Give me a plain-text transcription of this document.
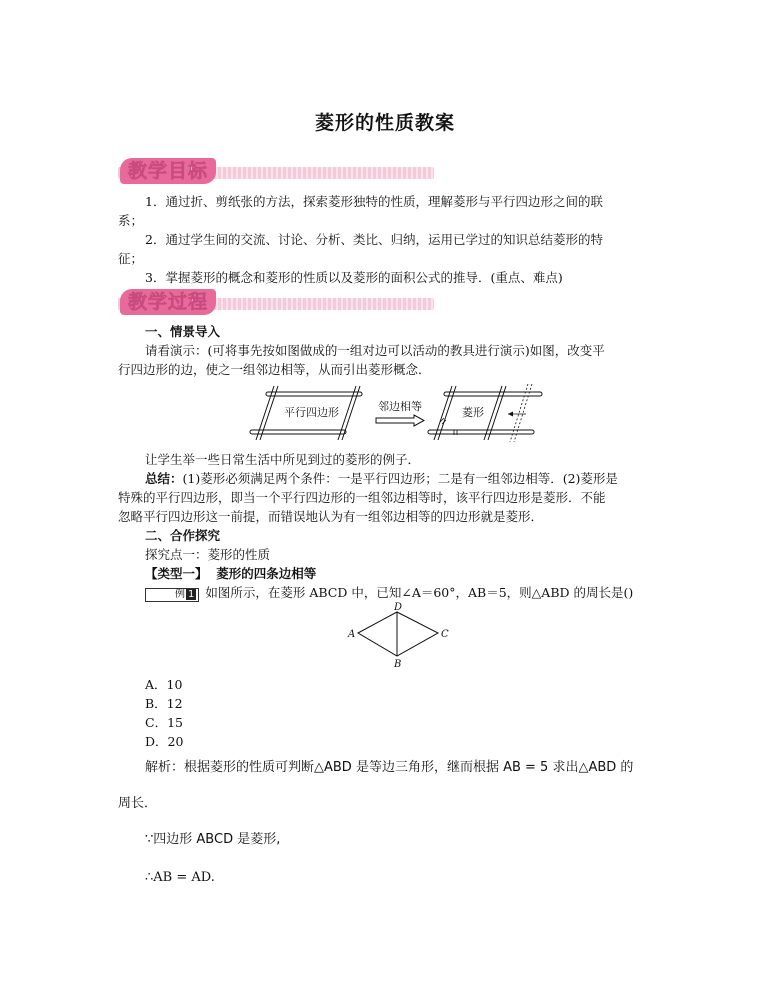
菱形的性质教案
教学目标
1．通过折、剪纸张的方法，探索菱形独特的性质，理解菱形与平行四边形之间的联
系；
2．通过学生间的交流、讨论、分析、类比、归纳，运用已学过的知识总结菱形的特
征；
3．掌握菱形的概念和菱形的性质以及菱形的面积公式的推导．(重点、难点)
教学过程
一、情景导入
请看演示：(可将事先按如图做成的一组对边可以活动的教具进行演示)如图，改变平
行四边形的边，使之一组邻边相等，从而引出菱形概念．
平行四边形	邻边相等	菱形
让学生举一些日常生活中所见到过的菱形的例子．
总结：(1)菱形必须满足两个条件：一是平行四边形；二是有一组邻边相等．(2)菱形是
特殊的平行四边形，即当一个平行四边形的一组邻边相等时，该平行四边形是菱形．不能
忽略平行四边形这一前提，而错误地认为有一组邻边相等的四边形就是菱形．
二、合作探究
探究点一：菱形的性质
【类型一】 菱形的四条边相等
例 1 如图所示，在菱形 ABCD 中，已知∠A＝60°，AB＝5，则△ABD 的周长是()
D
A	C
B
A．10
B．12
C．15
D．20
解析：根据菱形的性质可判断△ABD 是等边三角形，继而根据 AB = 5 求出△ABD 的
周长．
∵四边形 ABCD 是菱形,
∴AB = AD.
